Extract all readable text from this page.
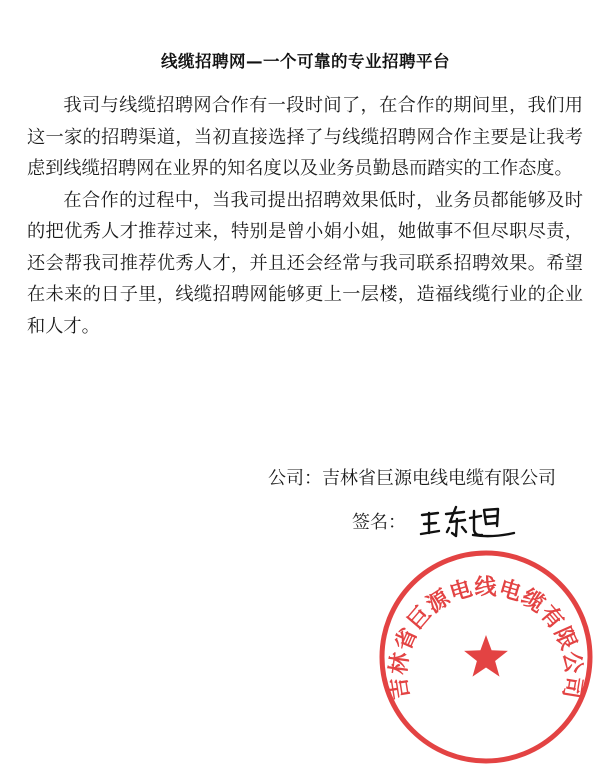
线缆招聘网—一个可靠的专业招聘平台

我司与线缆招聘网合作有一段时间了，在合作的期间里，我们用这一家的招聘渠道，当初直接选择了与线缆招聘网合作主要是让我考虑到线缆招聘网在业界的知名度以及业务员勤恳而踏实的工作态度。

在合作的过程中，当我司提出招聘效果低时，业务员都能够及时的把优秀人才推荐过来，特别是曾小娟小姐，她做事不但尽职尽责，还会帮我司推荐优秀人才，并且还会经常与我司联系招聘效果。希望在未来的日子里，线缆招聘网能够更上一层楼，造福线缆行业的企业和人才。

公司：吉林省巨源电线电缆有限公司
签名：
吉林省巨源电线电缆有限公司
